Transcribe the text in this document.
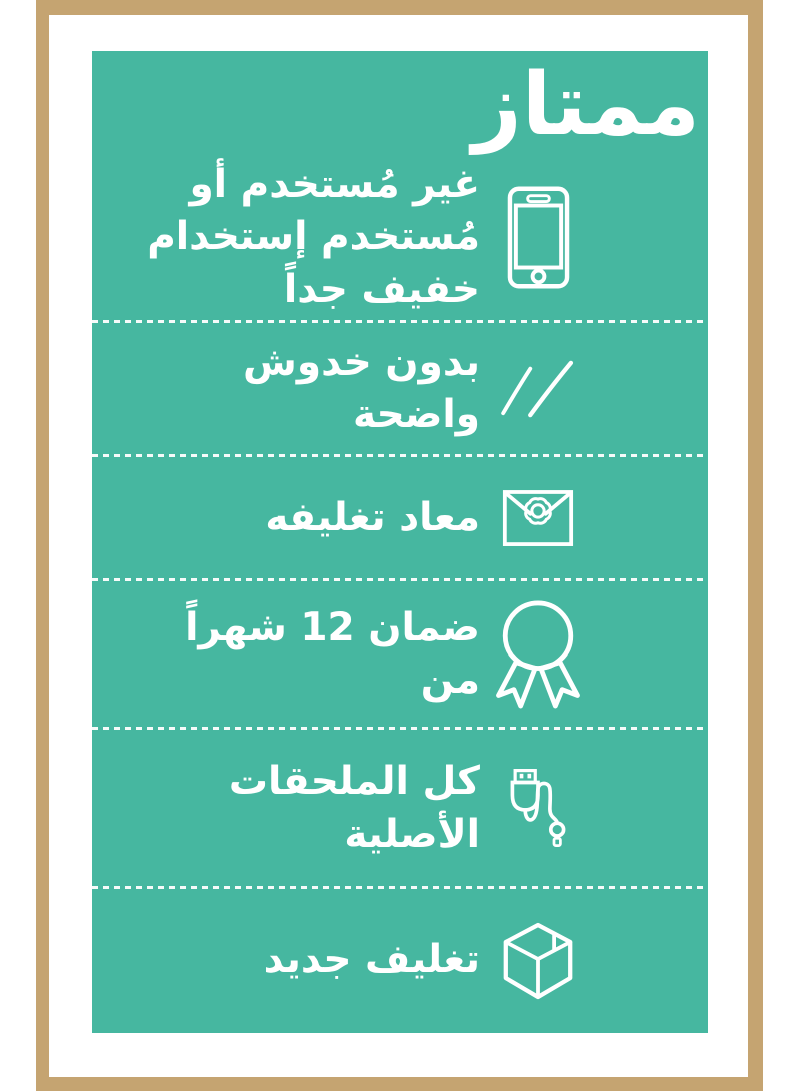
ممتاز
غير مُستخدم أو
مُستخدم إستخدام
خفيف جداً
بدون خدوش
واضحة
معاد تغليفه
ضمان 12 شهراً
من
كل الملحقات
الأصلية
تغليف جديد
